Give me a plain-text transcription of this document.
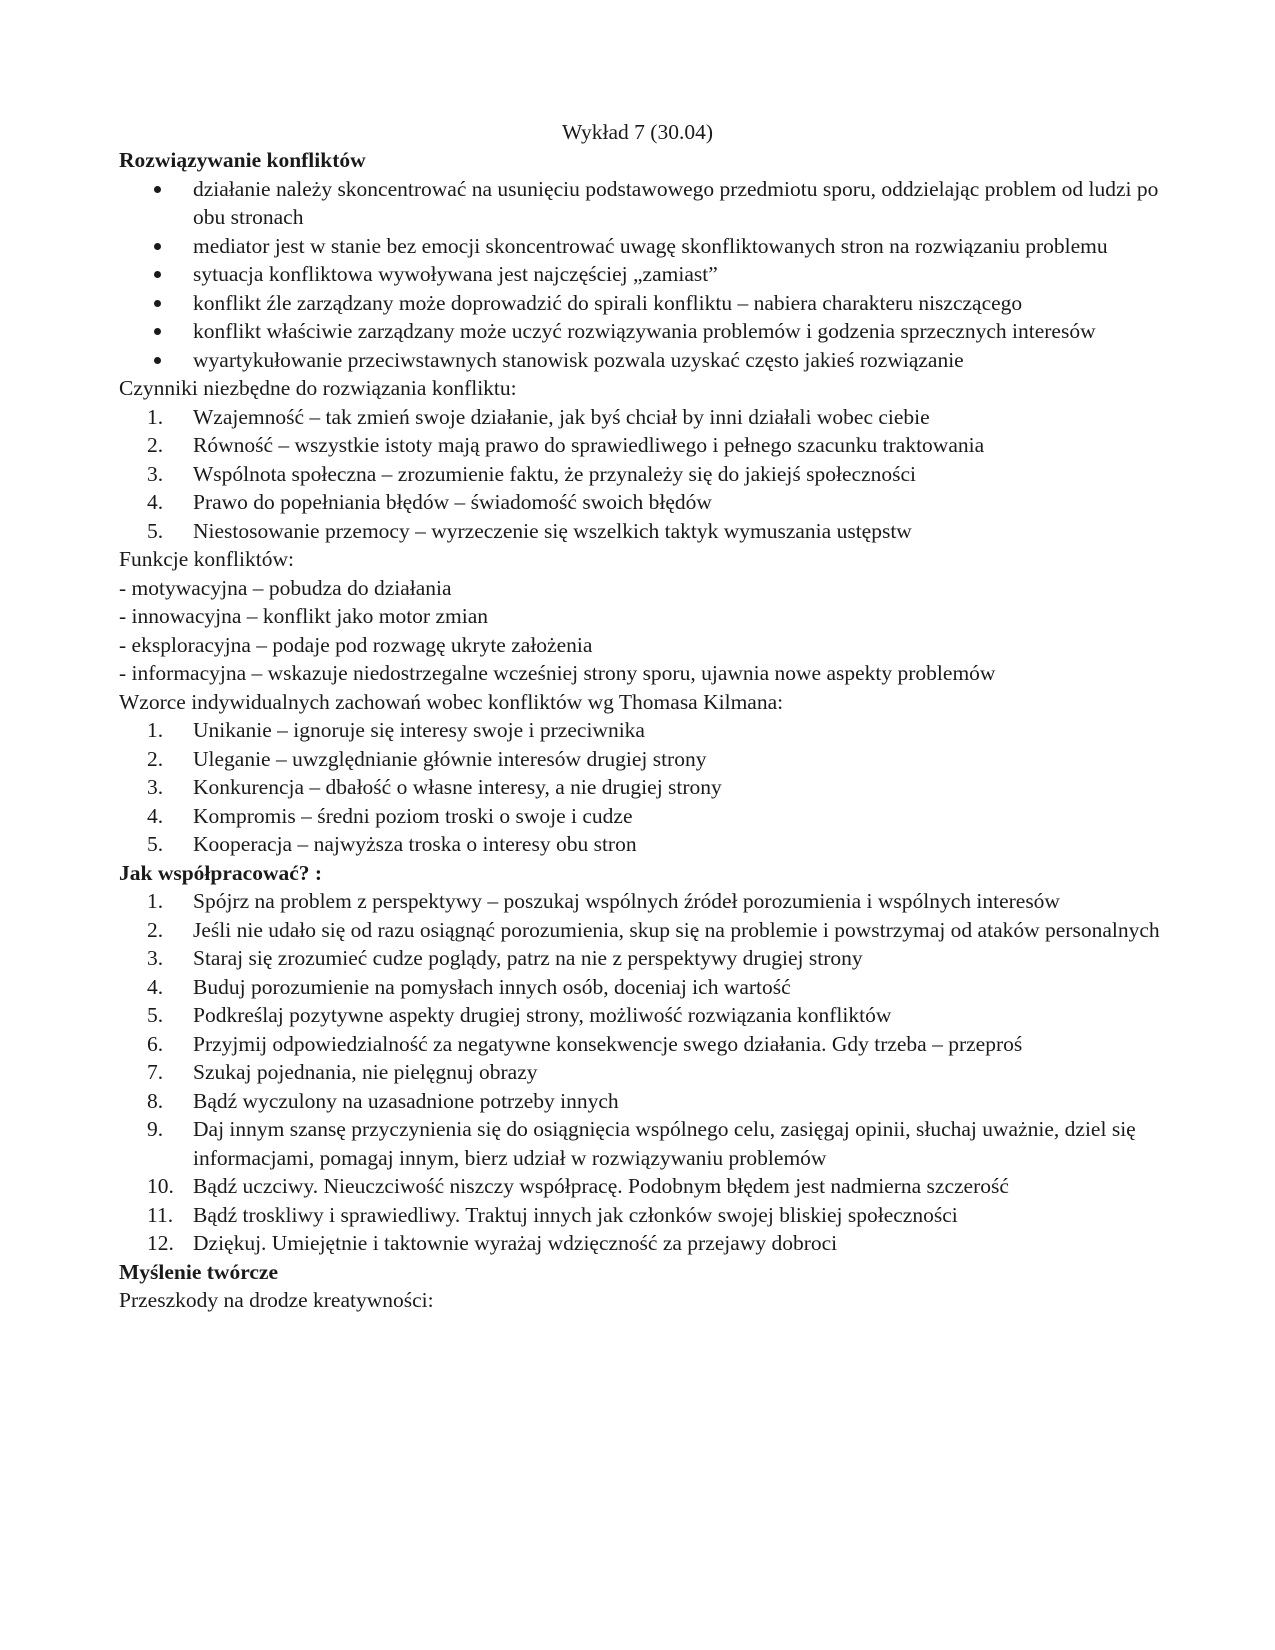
Wykład 7 (30.04)
Rozwiązywanie konfliktów
działanie należy skoncentrować na usunięciu podstawowego przedmiotu sporu, oddzielając problem od ludzi po obu stronach
mediator jest w stanie bez emocji skoncentrować uwagę skonfliktowanych stron na rozwiązaniu problemu
sytuacja konfliktowa wywoływana jest najczęściej „zamiast”
konflikt źle zarządzany może doprowadzić do spirali konfliktu – nabiera charakteru niszczącego
konflikt właściwie zarządzany może uczyć rozwiązywania problemów i godzenia sprzecznych interesów
wyartykułowanie przeciwstawnych stanowisk pozwala uzyskać często jakieś rozwiązanie
Czynniki niezbędne do rozwiązania konfliktu:
1.	Wzajemność – tak zmień swoje działanie, jak byś chciał by inni działali wobec ciebie
2.	Równość – wszystkie istoty mają prawo do sprawiedliwego i pełnego szacunku traktowania
3.	Wspólnota społeczna – zrozumienie faktu, że przynależy się do jakiejś społeczności
4.	Prawo do popełniania błędów – świadomość swoich błędów
5.	Niestosowanie przemocy – wyrzeczenie się wszelkich taktyk wymuszania ustępstw
Funkcje konfliktów:
- motywacyjna – pobudza do działania
- innowacyjna – konflikt jako motor zmian
- eksploracyjna – podaje pod rozwagę ukryte założenia
- informacyjna – wskazuje niedostrzegalne wcześniej strony sporu, ujawnia nowe aspekty problemów
Wzorce indywidualnych zachowań wobec konfliktów wg Thomasa Kilmana:
1.	Unikanie – ignoruje się interesy swoje i przeciwnika
2.	Uleganie – uwzględnianie głównie interesów drugiej strony
3.	Konkurencja – dbałość o własne interesy, a nie drugiej strony
4.	Kompromis – średni poziom troski o swoje i cudze
5.	Kooperacja – najwyższa troska o interesy obu stron
Jak współpracować? :
1.	Spójrz na problem z perspektywy – poszukaj wspólnych źródeł porozumienia i wspólnych interesów
2.	Jeśli nie udało się od razu osiągnąć porozumienia, skup się na problemie i powstrzymaj od ataków personalnych
3.	Staraj się zrozumieć cudze poglądy, patrz na nie z perspektywy drugiej strony
4.	Buduj porozumienie na pomysłach innych osób, doceniaj ich wartość
5.	Podkreślaj pozytywne aspekty drugiej strony, możliwość rozwiązania konfliktów
6.	Przyjmij odpowiedzialność za negatywne konsekwencje swego działania. Gdy trzeba – przeproś
7.	Szukaj pojednania, nie pielęgnuj obrazy
8.	Bądź wyczulony na uzasadnione potrzeby innych
9.	Daj innym szansę przyczynienia się do osiągnięcia wspólnego celu, zasięgaj opinii, słuchaj uważnie, dziel się informacjami, pomagaj innym, bierz udział w rozwiązywaniu problemów
10. Bądź uczciwy. Nieuczciwość niszczy współpracę. Podobnym błędem jest nadmierna szczerość
11. Bądź troskliwy i sprawiedliwy. Traktuj innych jak członków swojej bliskiej społeczności
12. Dziękuj. Umiejętnie i taktownie wyrażaj wdzięczność za przejawy dobroci
Myślenie twórcze
Przeszkody na drodze kreatywności:
